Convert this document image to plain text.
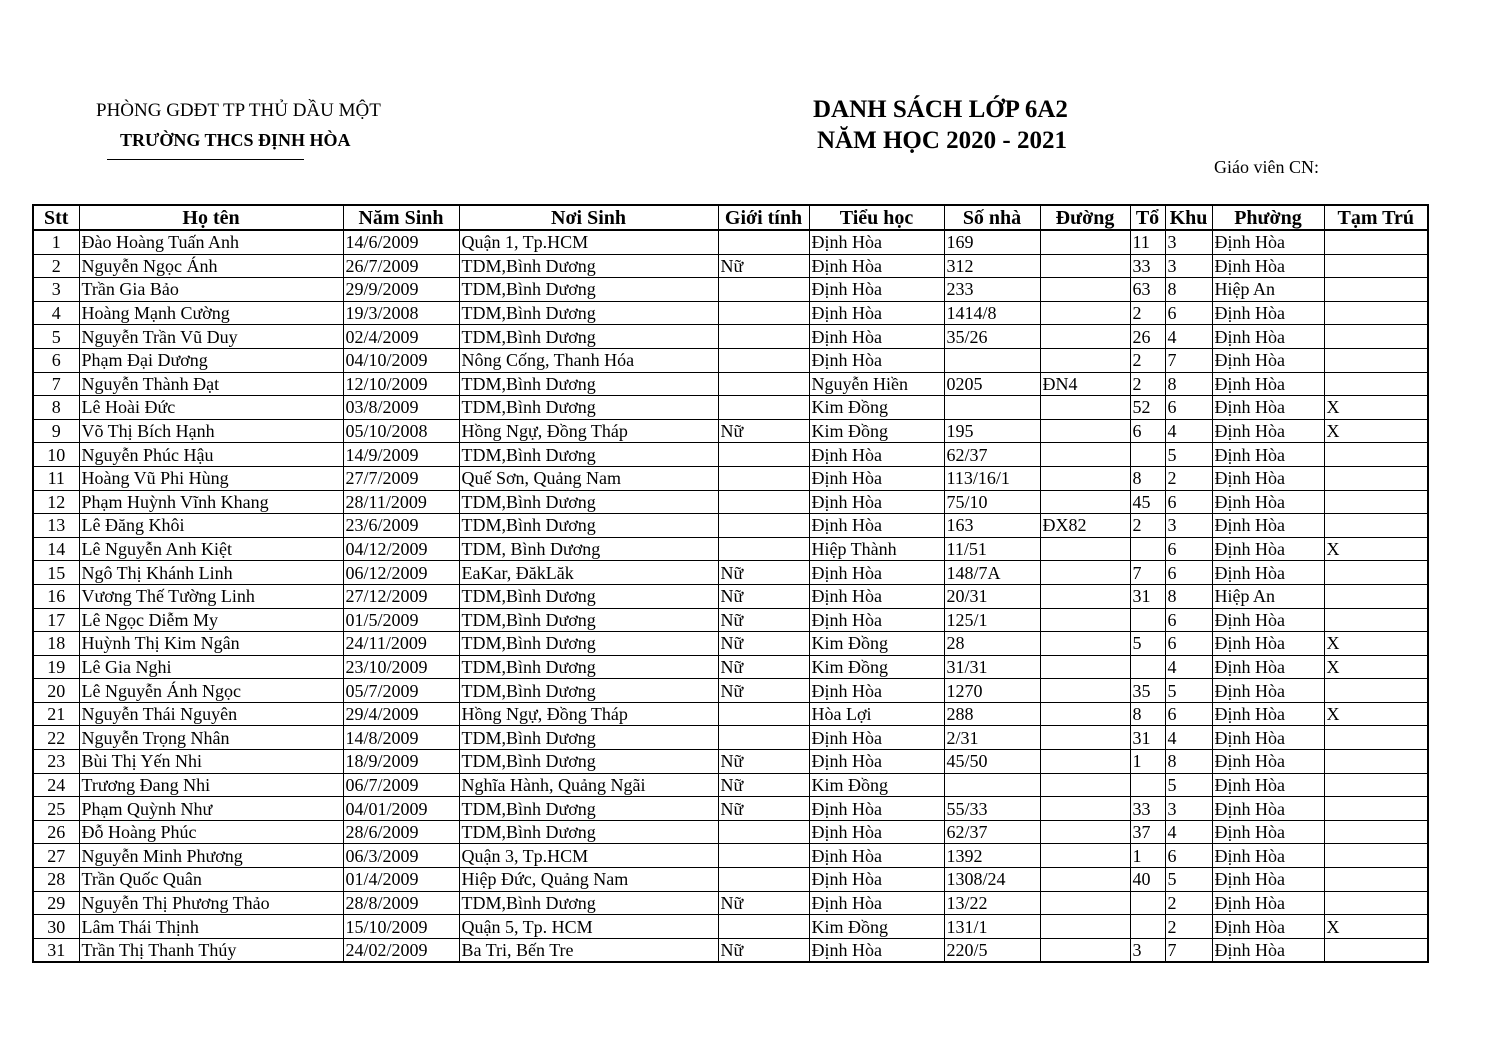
PHÒNG GDĐT TP THỦ DẦU MỘT
TRƯỜNG THCS ĐỊNH HÒA
DANH SÁCH LỚP 6A2
NĂM HỌC 2020 - 2021
Giáo viên CN:
Stt	Họ tên	Năm Sinh	Nơi Sinh	Giới tính	Tiểu học	Số nhà	Đường	Tổ	Khu	Phường	Tạm Trú
1	Đào Hoàng Tuấn Anh	14/6/2009	Quận 1, Tp.HCM		Định Hòa	169		11	3	Định Hòa	
2	Nguyễn Ngọc Ánh	26/7/2009	TDM,Bình Dương	Nữ	Định Hòa	312		33	3	Định Hòa	
3	Trần Gia Bảo	29/9/2009	TDM,Bình Dương		Định Hòa	233		63	8	Hiệp An	
4	Hoàng Mạnh Cường	19/3/2008	TDM,Bình Dương		Định Hòa	1414/8		2	6	Định Hòa	
5	Nguyễn Trần Vũ Duy	02/4/2009	TDM,Bình Dương		Định Hòa	35/26		26	4	Định Hòa	
6	Phạm Đại Dương	04/10/2009	Nông Cống, Thanh Hóa		Định Hòa			2	7	Định Hòa	
7	Nguyễn Thành Đạt	12/10/2009	TDM,Bình Dương		Nguyễn Hiền	0205	ĐN4	2	8	Định Hòa	
8	Lê Hoài Đức	03/8/2009	TDM,Bình Dương		Kim Đồng			52	6	Định Hòa	X
9	Võ Thị Bích Hạnh	05/10/2008	Hồng Ngự, Đồng Tháp	Nữ	Kim Đồng	195		6	4	Định Hòa	X
10	Nguyễn Phúc Hậu	14/9/2009	TDM,Bình Dương		Định Hòa	62/37			5	Định Hòa	
11	Hoàng Vũ Phi Hùng	27/7/2009	Quế Sơn, Quảng Nam		Định Hòa	113/16/1		8	2	Định Hòa	
12	Phạm Huỳnh Vĩnh Khang	28/11/2009	TDM,Bình Dương		Định Hòa	75/10		45	6	Định Hòa	
13	Lê Đăng Khôi	23/6/2009	TDM,Bình Dương		Định Hòa	163	ĐX82	2	3	Định Hòa	
14	Lê Nguyễn Anh Kiệt	04/12/2009	TDM, Bình Dương		Hiệp Thành	11/51			6	Định Hòa	X
15	Ngô Thị Khánh Linh	06/12/2009	EaKar, ĐăkLăk	Nữ	Định Hòa	148/7A		7	6	Định Hòa	
16	Vương Thế Tường Linh	27/12/2009	TDM,Bình Dương	Nữ	Định Hòa	20/31		31	8	Hiệp An	
17	Lê Ngọc Diễm My	01/5/2009	TDM,Bình Dương	Nữ	Định Hòa	125/1			6	Định Hòa	
18	Huỳnh Thị Kim Ngân	24/11/2009	TDM,Bình Dương	Nữ	Kim Đồng	28		5	6	Định Hòa	X
19	Lê Gia Nghi	23/10/2009	TDM,Bình Dương	Nữ	Kim Đồng	31/31			4	Định Hòa	X
20	Lê Nguyễn Ánh Ngọc	05/7/2009	TDM,Bình Dương	Nữ	Định Hòa	1270		35	5	Định Hòa	
21	Nguyễn Thái Nguyên	29/4/2009	Hồng Ngự, Đồng Tháp		Hòa Lợi	288		8	6	Định Hòa	X
22	Nguyễn Trọng Nhân	14/8/2009	TDM,Bình Dương		Định Hòa	2/31		31	4	Định Hòa	
23	Bùi Thị Yến Nhi	18/9/2009	TDM,Bình Dương	Nữ	Định Hòa	45/50		1	8	Định Hòa	
24	Trương Đang Nhi	06/7/2009	Nghĩa Hành, Quảng Ngãi	Nữ	Kim Đồng				5	Định Hòa	
25	Phạm Quỳnh Như	04/01/2009	TDM,Bình Dương	Nữ	Định Hòa	55/33		33	3	Định Hòa	
26	Đỗ Hoàng Phúc	28/6/2009	TDM,Bình Dương		Định Hòa	62/37		37	4	Định Hòa	
27	Nguyễn Minh Phương	06/3/2009	Quận 3, Tp.HCM		Định Hòa	1392		1	6	Định Hòa	
28	Trần Quốc Quân	01/4/2009	Hiệp Đức, Quảng Nam		Định Hòa	1308/24		40	5	Định Hòa	
29	Nguyễn Thị Phương Thảo	28/8/2009	TDM,Bình Dương	Nữ	Định Hòa	13/22			2	Định Hòa	
30	Lâm Thái Thịnh	15/10/2009	Quận 5, Tp. HCM		Kim Đồng	131/1			2	Định Hòa	X
31	Trần Thị Thanh Thúy	24/02/2009	Ba Tri, Bến Tre	Nữ	Định Hòa	220/5		3	7	Định Hòa	
